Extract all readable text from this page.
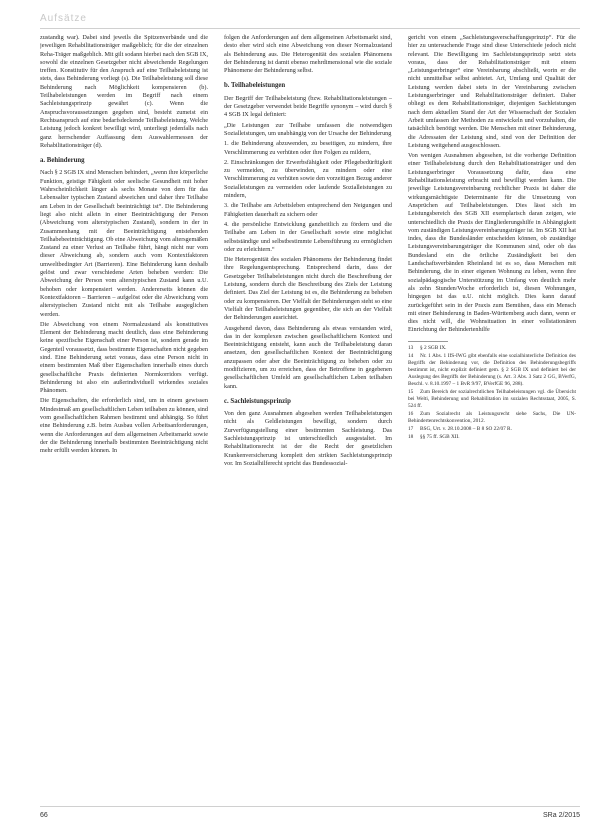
Aufsätze

zustandig war). Dabei sind jeweils die Spitzenverbände und die jeweiligen Rehabilitationsträger maßgeblich; für die der einzelnen Reha-Träger maßgeblich. Mit gilt sodann hierbei nach den SGB IX, sowohl die einzelnen Gesetzgeber nicht abweichende Regelungen treffen. Konstitutiv für den Anspruch auf eine Teilhabeleistung ist stets, dass Behinderung vorliegt (s). Die Teilhabeleistung soll diese Behinderung nach Möglichkeit kompensieren (b). Teilhabeleistungen werden im Begriff nach einem Sachleistungsprinzip gewährt (c). Wenn die Anspruchsvoraussetzungen gegeben sind, besteht zumeist ein Rechtsanspruch auf eine bedarfsdeckende Teilhabeleistung. Welche Leistung jedoch konkret bewilligt wird, unterliegt jedenfalls nach ganz herrschender Auffassung dem Auswahlermessen der Rehabilitationsträger (d).

a. Behinderung

Nach § 2 SGB IX sind Menschen behindert, „wenn ihre körperliche Funktion, geistige Fähigkeit oder seelische Gesundheit mit hoher Wahrscheinlichkeit länger als sechs Monate von dem für das Lebensalter typischen Zustand abweichen und daher ihre Teilhabe am Leben in der Gesellschaft beeinträchtigt ist“. Die Behinderung liegt also nicht allein in einer Beeinträchtigung der Person (Abweichung vom alterstypischen Zustand), sondern in der in Zusammenhang mit der Beeinträchtigung entstehenden Teilhabebeeinträchtigung. Ob eine Abweichung vom altersgemäßen Zustand zu einer Verlust an Teilhabe führt, hängt nicht nur vom dieser Abweichung ab, sondern auch vom Kontextfaktoren umweltbedingter Art (Barrieren). Eine Behinderung kann deshalb gelöst und zwar verschiedene Arten beheben werden: Die Abweichung der Person vom alterstypischen Zustand kann u.U. behoben oder kompensiert werden. Andererseits können die Kontextfaktoren – Barrieren – aufgelöst oder die Abweichung vom alterstypischen Zustand nicht mit als Teilhabe ausgeglichen werden.

Die Abweichung von einem Normalzustand als konstitutives Element der Behinderung macht deutlich, dass eine Behinderung keine spezifische Eigenschaft einer Person ist, sondern gerade im Gegenteil voraussetzt, dass bestimmte Eigenschaften nicht gegeben sind. Eine Behinderung setzt voraus, dass eine Person nicht in einem bestimmten Maß über Eigenschaften innerhalb eines durch gesellschaftliche Praxis definierten Normkorridors verfügt. Behinderung ist also ein außerindividuell wirkendes soziales Phänomen.

Die Eigenschaften, die erforderlich sind, um in einem gewissen Mindestmaß am gesellschaftlichen Leben teilhaben zu können, sind vom gesellschaftlichen Rahmen bestimmt und abhängig. So führt eine Behinderung z.B. beim Ausbau vollen Arbeitsanforderungen, wenn die Anforderungen auf dem allgemeinen Arbeitsmarkt sowie der die Behinderung innerhalb bestimmten Beeinträchtigung nicht mehr erfüllt werden können. In

folgen die Anforderungen auf dem allgemeinen Arbeitsmarkt sind, desto eher wird sich eine Abweichung von dieser Normalzustand als Behinderung aus. Die Heterogenität des sozialen Phänomens der Behinderung ist damit ebenso mehrdimensional wie die soziale Phänomene der Behinderung selbst.

b. Teilhabeleistungen

Der Begriff der Teilhabeleistung (bzw. Rehabilitationsleistungen – der Gesetzgeber verwendet beide Begriffe synonym – wird durch § 4 SGB IX legal definiert:

„Die Leistungen zur Teilhabe umfassen die notwendigen Sozialleistungen, um unabhängig von der Ursache der Behinderung

1. die Behinderung abzuwenden, zu beseitigen, zu mindern, ihre Verschlimmerung zu verhüten oder ihre Folgen zu mildern,

2. Einschränkungen der Erwerbsfähigkeit oder Pflegebedürftigkeit zu vermeiden, zu überwinden, zu mindern oder eine Verschlimmerung zu verhüten sowie den vorzeitigen Bezug anderer Sozialleistungen zu vermeiden oder laufende Sozialleistungen zu mindern,

3. die Teilhabe am Arbeitsleben entsprechend den Neigungen und Fähigkeiten dauerhaft zu sichern oder

4. die persönliche Entwicklung ganzheitlich zu fördern und die Teilhabe am Leben in der Gesellschaft sowie eine möglichst selbstständige und selbstbestimmte Lebensführung zu ermöglichen oder zu erleichtern.“

Die Heterogenität des sozialen Phänomens der Behinderung findet ihre Regelungsentsprechung. Entsprechend darin, dass der Gesetzgeber Teilhabeleistungen nicht durch die Beschreibung der Leistung, sondern durch die Beschreibung des Ziels der Leistung definiert. Das Ziel der Leistung ist es, die Behinderung zu beheben oder zu kompensieren. Der Vielfalt der Behinderungen steht so eine Vielfalt der Teilhabeleistungen gegenüber, die sich an der Vielfalt der Behinderungen ausrichtet.

Ausgehend davon, dass Behinderung als etwas verstanden wird, das in der komplexen zwischen gesellschaftlichem Kontext und Beeinträchtigung entsteht, kann auch die Teilhabeleistung daran ansetzen, den gesellschaftlichen Kontext der Beeinträchtigung anzupassen oder aber die Beeinträchtigung zu beheben oder zu modifizieren, um zu erreichen, dass der Betroffene in gegebenen gesellschaftlichen Umfeld am gesellschaftlichen Leben teilhaben kann.

c. Sachleistungsprinzip

Von den ganz Ausnahmen abgesehen werden Teilhabeleistungen nicht als Geldleistungen bewilligt, sondern durch Zurverfügungstellung einer bestimmten Sachleistung. Das Sachleistungsprinzip ist unterschiedlich ausgestaltet. Im Rehabilitationsrecht ist der die Recht der gesetzlichen Krankenversicherung komplett den strikten Sachleistungsprinzip vor. Im Sozialhilferecht spricht das Bundessozial-

gericht von einem „Sachleistungsverschaffungsprinzip“. Für die hier zu untersuchende Frage sind diese Unterschiede jedoch nicht relevant. Die Bewilligung im Sachleistungsprinzip setzt stets voraus, dass der Rehabilitationsträger mit einem „Leistungserbringer“ eine Vereinbarung abschließt, worin er die nicht unmittelbar selbst anbietet. Art, Umfang und Qualität der Leistung werden dabei stets in der Vereinbarung zwischen Leistungserbringer und Rehabilitationsträger definiert. Daher obliegt es dem Rehabilitationsträger, diejenigen Sachleistungen nach dem aktuellen Stand der Art der Wissenschaft der Sozialen Arbeit umfassen der Methoden zu entwickeln und vorzuhalten, die tatsächlich benötigt werden. Die Menschen mit einer Behinderung, die Adressaten der Leistung sind, sind von der Definition der Leistung weitgehend ausgeschlossen.

Von wenigen Ausnahmen abgesehen, ist die vorherige Definition einer Teilhabeleistung durch den Rehabilitationsträger und den Leistungserbringer Voraussetzung dafür, dass eine Rehabilitationsleistung erbracht und bewilligt werden kann. Die jeweilige Leistungsvereinbarung rechtlicher Praxis ist daher die wirkungsmächtigste Determinante für die Umsetzung von Ansprüchen auf Teilhabeleistungen. Dies lässt sich im Leistungsbereich des SGB XII exemplarisch daran zeigen, wie unterschiedlich die Praxis der Eingliederungshilfe in Abhängigkeit vom zuständigen Leistungsvereinbarungsträger ist. Im SGB XII hat indes, dass die Bundesländer entscheiden können, ob zuständige Leistungsvereinbarungsträger die Kommunen sind, oder ob das Bundesland ein die örtliche Zuständigkeit bei den Landschaftsverbänden Rheinland ist es so, dass Menschen mit Behinderung, die in einer eigenen Wohnung zu leben, wenn ihre sozialpädagogische Unterstützung im Umfang von deutlich mehr als zehn Stunden/Woche erforderlich ist, diesen Wohnungen, hingegen ist das u.U. nicht möglich. Dies kann darauf zurückgeführt sein in der Praxis zum Bemühen, dass ein Mensch mit einer Behinderung in Baden-Württemberg auch dann, wenn er dies nicht will, die Wohnsituation in einer vollstationären Einrichtung der Behindertenhilfe

13 § 2 SGB IX.

14 Nr. 1 Abs. 1 IfS-IWG gibt ebenfalls eine sozialhinterliche Definition des Begriffs der Behinderung vor, die Definition des Behinderungsbegriffs bestimmt ist, nicht explizit definiert gem. § 2 SGB IX und definiert bei der Auslegung des Begriffs der Behinderung (s. Art. 3 Abs. 3 Satz 2 GG, BVerfG, Beschl. v. 8.10.1997 – 1 BvR 9/97, BVerfGE 96, 288).

15 Zum Bereich der sozialrechtlichen Teilhabeleistungen vgl. die Übersicht bei Welti, Behinderung und Rehabilitation im sozialen Rechtsstaat, 2005, S. 524 ff.

16 Zum Sozialrecht als Leistungsrecht siehe Sachs, Die UN-Behindertenrechtskonvention, 2012.

17 BSG, Urt. v. 28.10.2008 – B 8 SO 22/07 R.

18 §§ 75 ff. SGB XII.

66	SRa 2/2015
